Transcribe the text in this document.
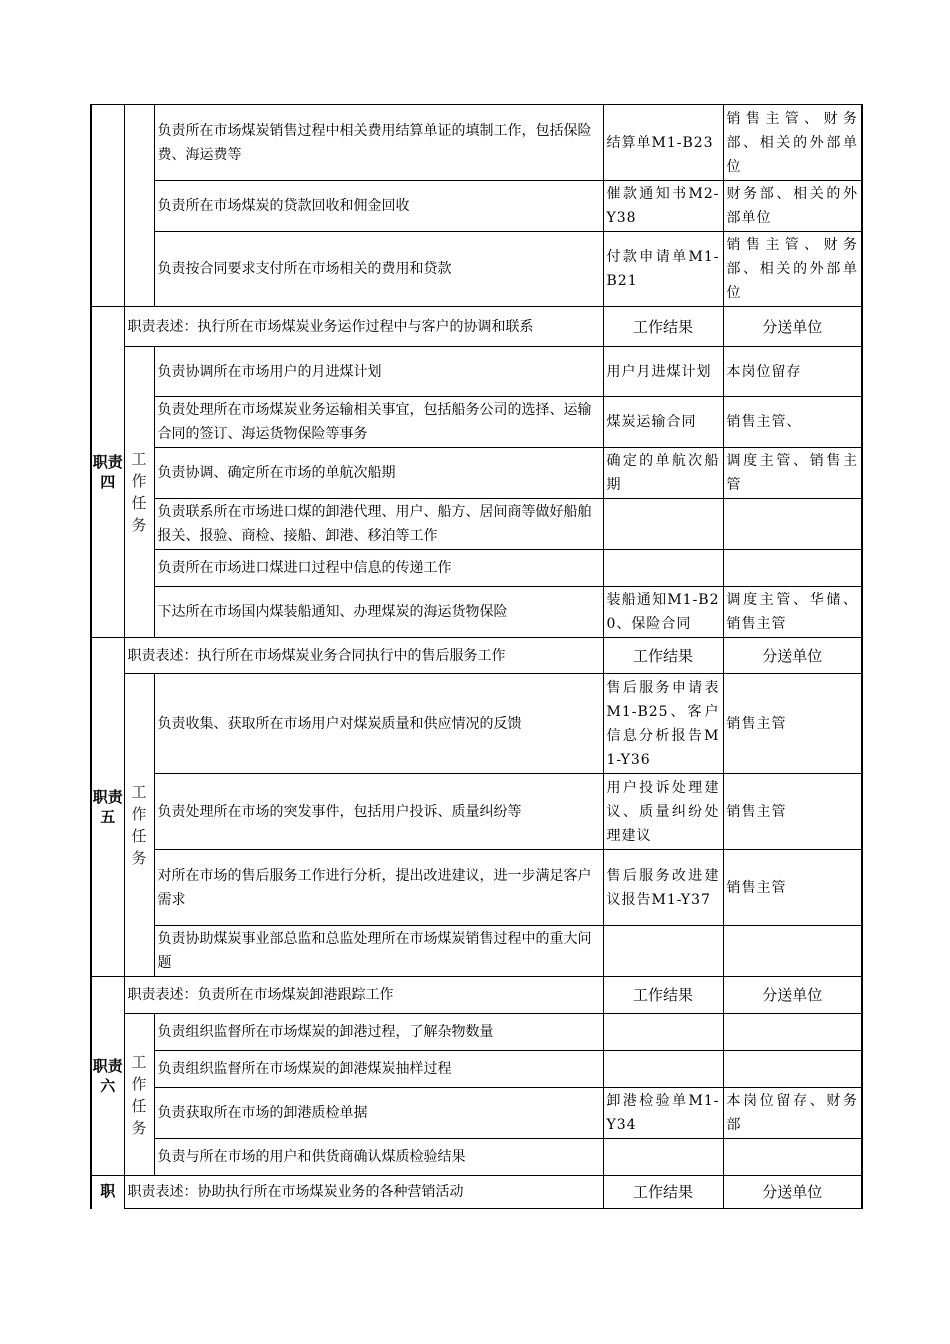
		负责所在市场煤炭销售过程中相关费用结算单证的填制工作，包括保险费、海运费等	结算单M1-B23	销售主管、财务部、相关的外部单位
		负责所在市场煤炭的贷款回收和佣金回收	催款通知书M2-Y38	财务部、相关的外部单位
		负责按合同要求支付所在市场相关的费用和贷款	付款申请单M1-B21	销售主管、财务部、相关的外部单位
职责四	职责表述：执行所在市场煤炭业务运作过程中与客户的协调和联系		工作结果	分送单位
	工作任务	负责协调所在市场用户的月进煤计划	用户月进煤计划	本岗位留存
		负责处理所在市场煤炭业务运输相关事宜，包括船务公司的选择、运输合同的签订、海运货物保险等事务	煤炭运输合同	销售主管、
		负责协调、确定所在市场的单航次船期	确定的单航次船期	调度主管、销售主管
		负责联系所在市场进口煤的卸港代理、用户、船方、居间商等做好船舶报关、报验、商检、接船、卸港、移泊等工作		
		负责所在市场进口煤进口过程中信息的传递工作		
		下达所在市场国内煤装船通知、办理煤炭的海运货物保险	装船通知M1-B20、保险合同	调度主管、华储、销售主管
职责五	职责表述：执行所在市场煤炭业务合同执行中的售后服务工作		工作结果	分送单位
	工作任务	负责收集、获取所在市场用户对煤炭质量和供应情况的反馈	售后服务申请表M1-B25、客户信息分析报告M1-Y36	销售主管
		负责处理所在市场的突发事件，包括用户投诉、质量纠纷等	用户投诉处理建议、质量纠纷处理建议	销售主管
		对所在市场的售后服务工作进行分析，提出改进建议，进一步满足客户需求	售后服务改进建议报告M1-Y37	销售主管
		负责协助煤炭事业部总监和总监处理所在市场煤炭销售过程中的重大问题		
职责六	职责表述：负责所在市场煤炭卸港跟踪工作		工作结果	分送单位
	工作任务	负责组织监督所在市场煤炭的卸港过程，了解杂物数量		
		负责组织监督所在市场煤炭的卸港煤炭抽样过程		
		负责获取所在市场的卸港质检单据	卸港检验单M1-Y34	本岗位留存、财务部
		负责与所在市场的用户和供货商确认煤质检验结果		
职	职责表述：协助执行所在市场煤炭业务的各种营销活动		工作结果	分送单位
